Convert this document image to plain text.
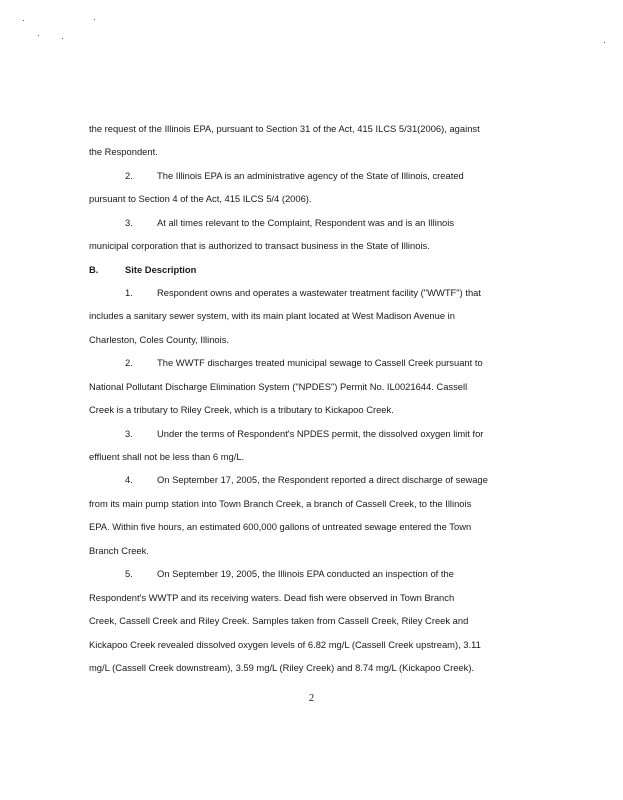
the request of the Illinois EPA, pursuant to Section 31 of the Act, 415 ILCS 5/31(2006), against
the Respondent.
2.	The Illinois EPA is an administrative agency of the State of Illinois, created
pursuant to Section 4 of the Act, 415 ILCS 5/4 (2006).
3.	At all times relevant to the Complaint, Respondent was and is an Illinois
municipal corporation that is authorized to transact business in the State of Illinois.
B.	Site Description
1.	Respondent owns and operates a wastewater treatment facility ("WWTF") that
includes a sanitary sewer system, with its main plant located at West Madison Avenue in
Charleston, Coles County, Illinois.
2.	The WWTF discharges treated municipal sewage to Cassell Creek pursuant to
National Pollutant Discharge Elimination System ("NPDES") Permit No. IL0021644. Cassell
Creek is a tributary to Riley Creek, which is a tributary to Kickapoo Creek.
3.	Under the terms of Respondent's NPDES permit, the dissolved oxygen limit for
effluent shall not be less than 6 mg/L.
4.	On September 17, 2005, the Respondent reported a direct discharge of sewage
from its main pump station into Town Branch Creek, a branch of Cassell Creek, to the Illinois
EPA. Within five hours, an estimated 600,000 gallons of untreated sewage entered the Town
Branch Creek.
5.	On September 19, 2005, the Illinois EPA conducted an inspection of the
Respondent's WWTP and its receiving waters. Dead fish were observed in Town Branch
Creek, Cassell Creek and Riley Creek. Samples taken from Cassell Creek, Riley Creek and
Kickapoo Creek revealed dissolved oxygen levels of 6.82 mg/L (Cassell Creek upstream), 3.11
mg/L (Cassell Creek downstream), 3.59 mg/L (Riley Creek) and 8.74 mg/L (Kickapoo Creek).
2
